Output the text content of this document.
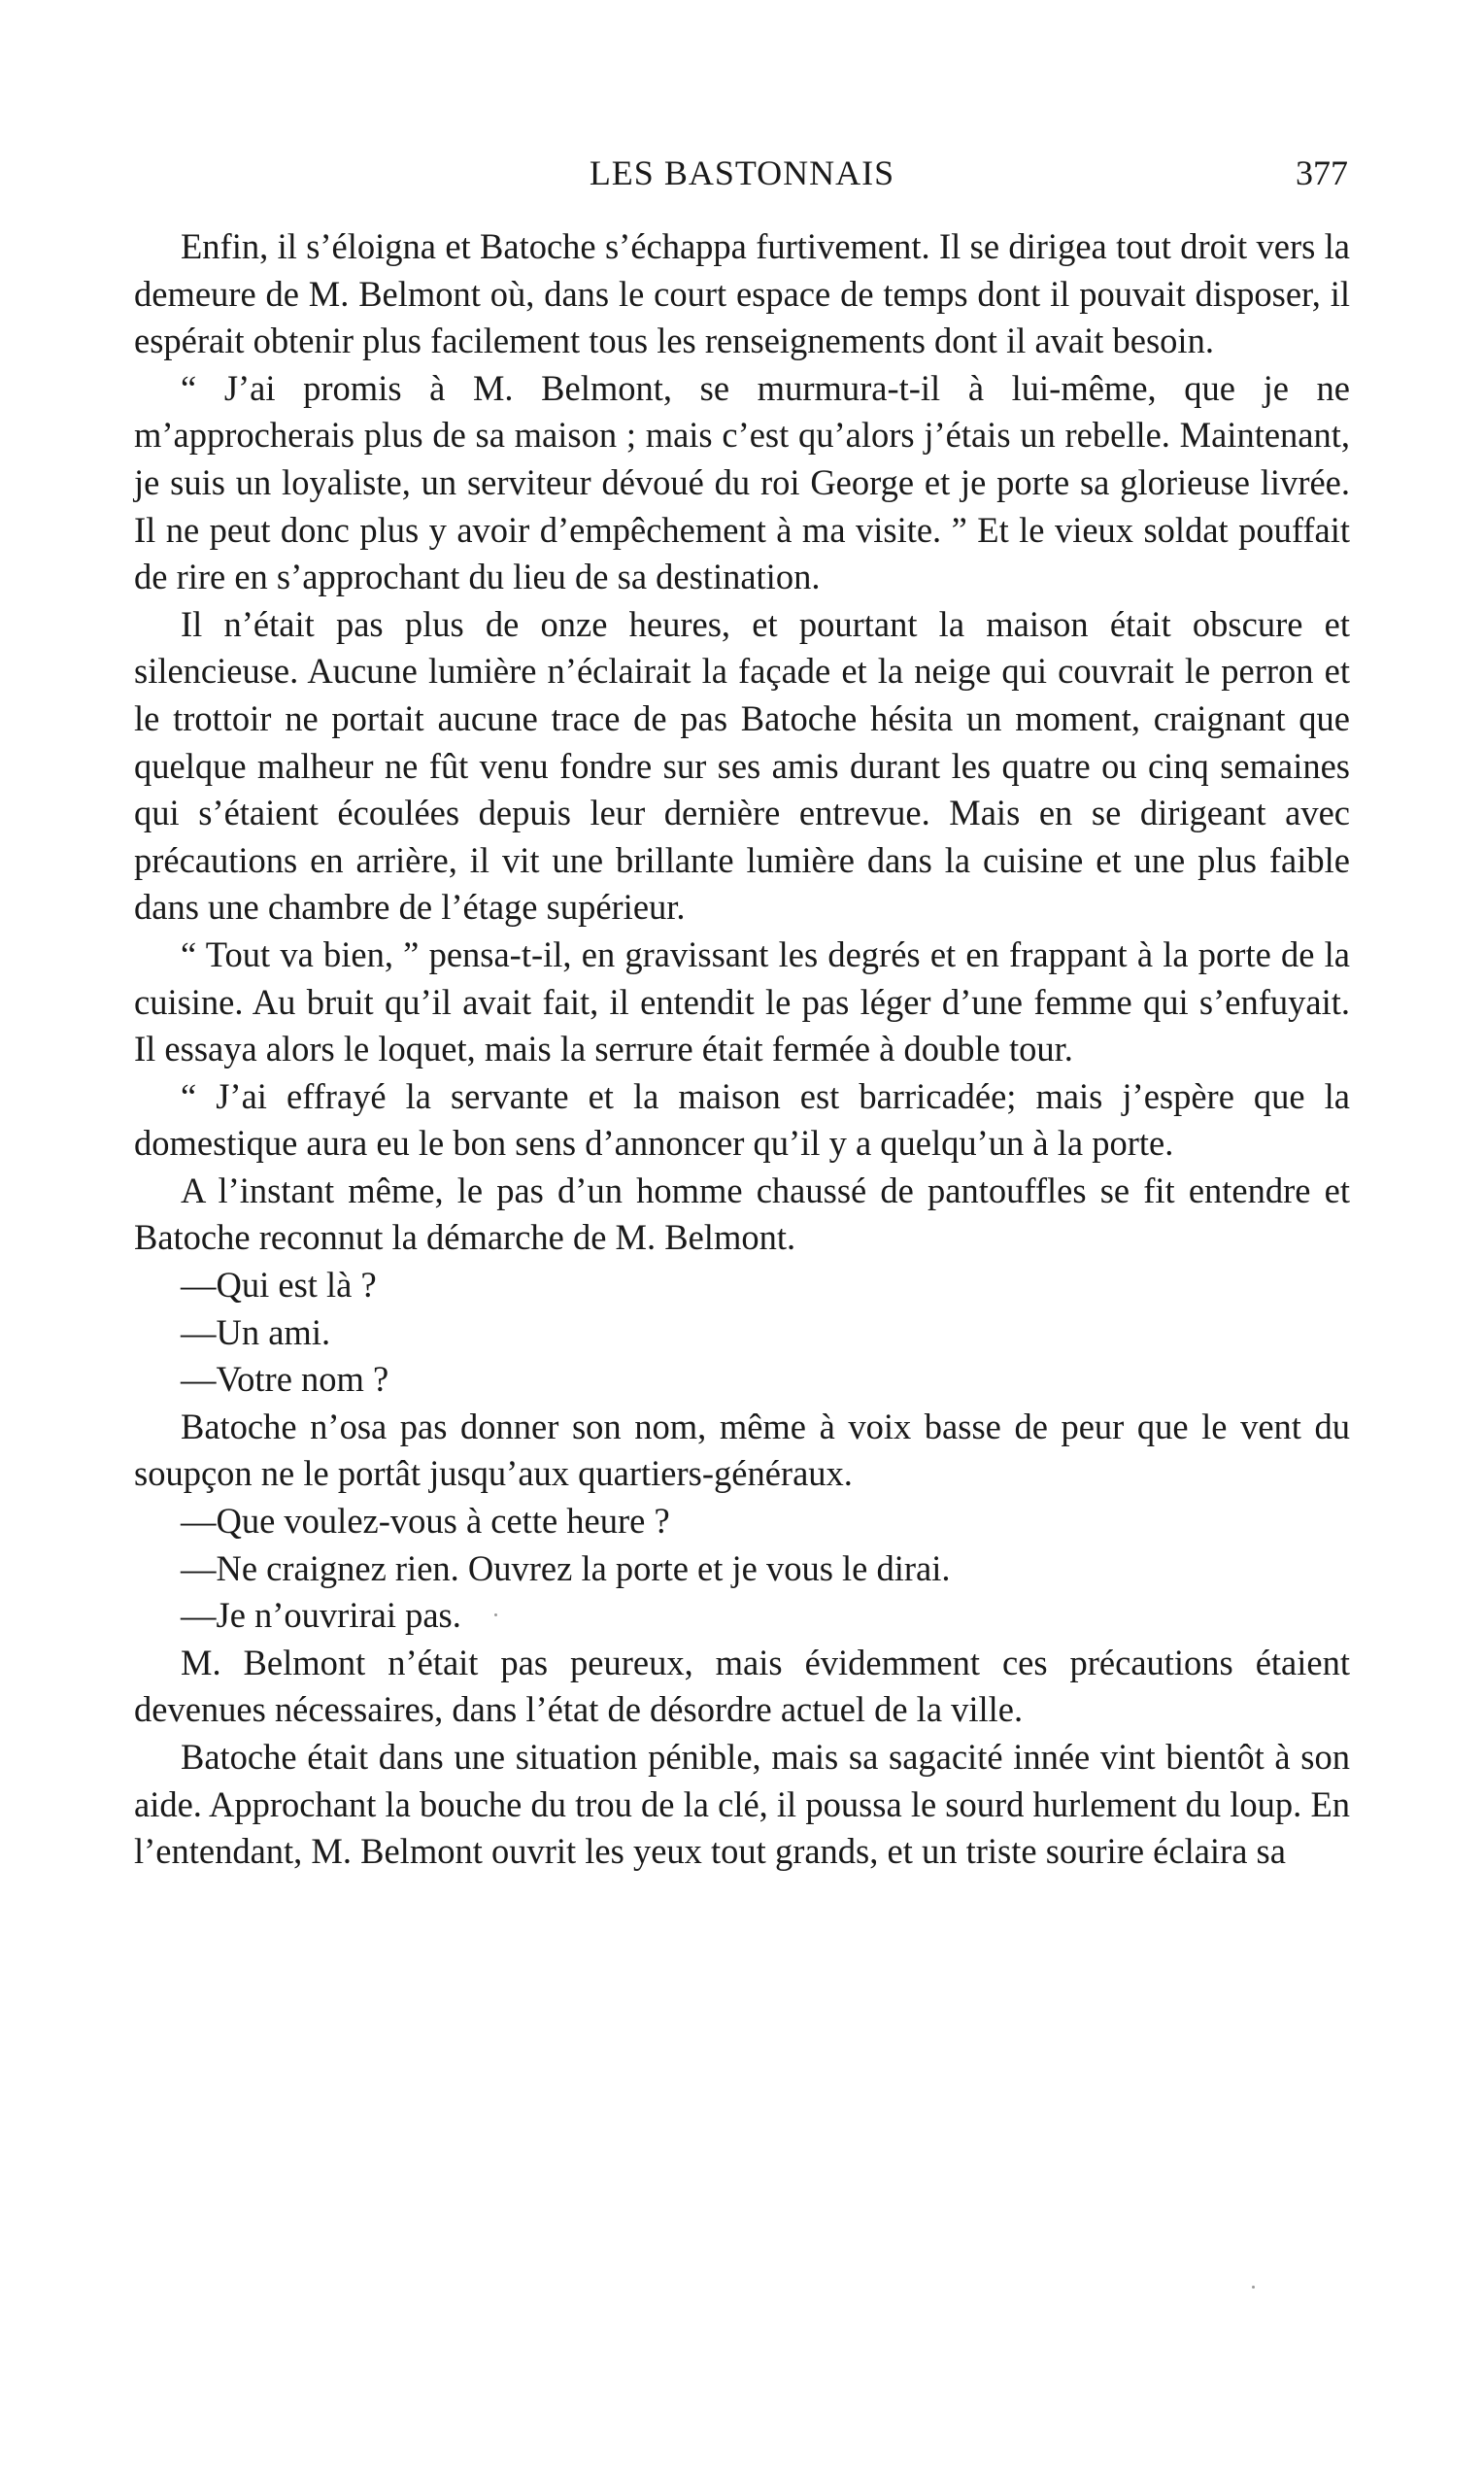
LES BASTONNAIS	377

Enfin, il s’éloigna et Batoche s’échappa furtivement. Il se dirigea tout droit vers la demeure de M. Belmont où, dans le court espace de temps dont il pouvait disposer, il espérait obtenir plus facilement tous les renseignements dont il avait besoin.

“ J’ai promis à M. Belmont, se murmura-t-il à lui-même, que je ne m’approcherais plus de sa maison ; mais c’est qu’alors j’étais un rebelle. Maintenant, je suis un loyaliste, un serviteur dévoué du roi George et je porte sa glorieuse livrée. Il ne peut donc plus y avoir d’empêchement à ma visite. ” Et le vieux soldat pouffait de rire en s’approchant du lieu de sa destination.

Il n’était pas plus de onze heures, et pourtant la maison était obscure et silencieuse. Aucune lumière n’éclairait la façade et la neige qui couvrait le perron et le trottoir ne portait aucune trace de pas Batoche hésita un moment, craignant que quelque malheur ne fût venu fondre sur ses amis durant les quatre ou cinq semaines qui s’étaient écoulées depuis leur dernière entrevue. Mais en se dirigeant avec précautions en arrière, il vit une brillante lumière dans la cuisine et une plus faible dans une chambre de l’étage supérieur.

“ Tout va bien, ” pensa-t-il, en gravissant les degrés et en frappant à la porte de la cuisine. Au bruit qu’il avait fait, il entendit le pas léger d’une femme qui s’enfuyait. Il essaya alors le loquet, mais la serrure était fermée à double tour.

“ J’ai effrayé la servante et la maison est barricadée; mais j’espère que la domestique aura eu le bon sens d’annoncer qu’il y a quelqu’un à la porte.

A l’instant même, le pas d’un homme chaussé de pantouffles se fit entendre et Batoche reconnut la démarche de M. Belmont.

—Qui est là ?

—Un ami.

—Votre nom ?

Batoche n’osa pas donner son nom, même à voix basse de peur que le vent du soupçon ne le portât jusqu’aux quartiers-généraux.

—Que voulez-vous à cette heure ?

—Ne craignez rien. Ouvrez la porte et je vous le dirai.

—Je n’ouvrirai pas.

M. Belmont n’était pas peureux, mais évidemment ces précautions étaient devenues nécessaires, dans l’état de désordre actuel de la ville.

Batoche était dans une situation pénible, mais sa sagacité innée vint bientôt à son aide. Approchant la bouche du trou de la clé, il poussa le sourd hurlement du loup. En l’entendant, M. Belmont ouvrit les yeux tout grands, et un triste sourire éclaira sa
